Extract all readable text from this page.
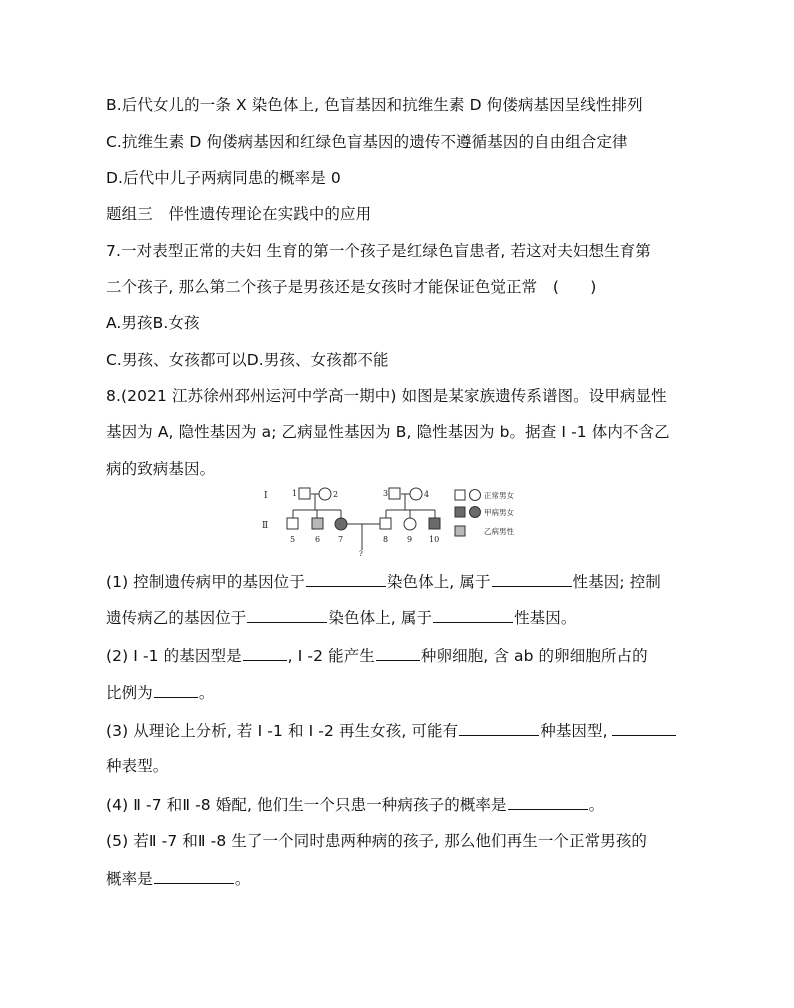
B.后代女儿的一条 X 染色体上, 色盲基因和抗维生素 D 佝偻病基因呈线性排列
C.抗维生素 D 佝偻病基因和红绿色盲基因的遗传不遵循基因的自由组合定律
D.后代中儿子两病同患的概率是 0
题组三　伴性遗传理论在实践中的应用
7.一对表型正常的夫妇 生育的第一个孩子是红绿色盲患者, 若这对夫妇想生育第
二个孩子, 那么第二个孩子是男孩还是女孩时才能保证色觉正常　(　　)
A.男孩B.女孩
C.男孩、女孩都可以D.男孩、女孩都不能
8.(2021 江苏徐州邳州运河中学高一期中) 如图是某家族遗传系谱图。设甲病显性
基因为 A, 隐性基因为 a; 乙病显性基因为 B, 隐性基因为 b。据查 Ⅰ -1 体内不含乙
病的致病基因。
Ⅰ
Ⅱ
1	2	3	4
5 6 7	8 9 10
?
正常男女
甲病男女
乙病男性
(1) 控制遗传病甲的基因位于	染色体上, 属于	性基因; 控制
遗传病乙的基因位于	染色体上, 属于	性基因。
(2) Ⅰ -1 的基因型是	, Ⅰ -2 能产生	种卵细胞, 含 ab 的卵细胞所占的
比例为	。
(3) 从理论上分析, 若 Ⅰ -1 和 Ⅰ -2 再生女孩, 可能有	种基因型,
种表型。
(4) Ⅱ -7 和Ⅱ -8 婚配, 他们生一个只患一种病孩子的概率是	。
(5) 若Ⅱ -7 和Ⅱ -8 生了一个同时患两种病的孩子, 那么他们再生一个正常男孩的
概率是	。
